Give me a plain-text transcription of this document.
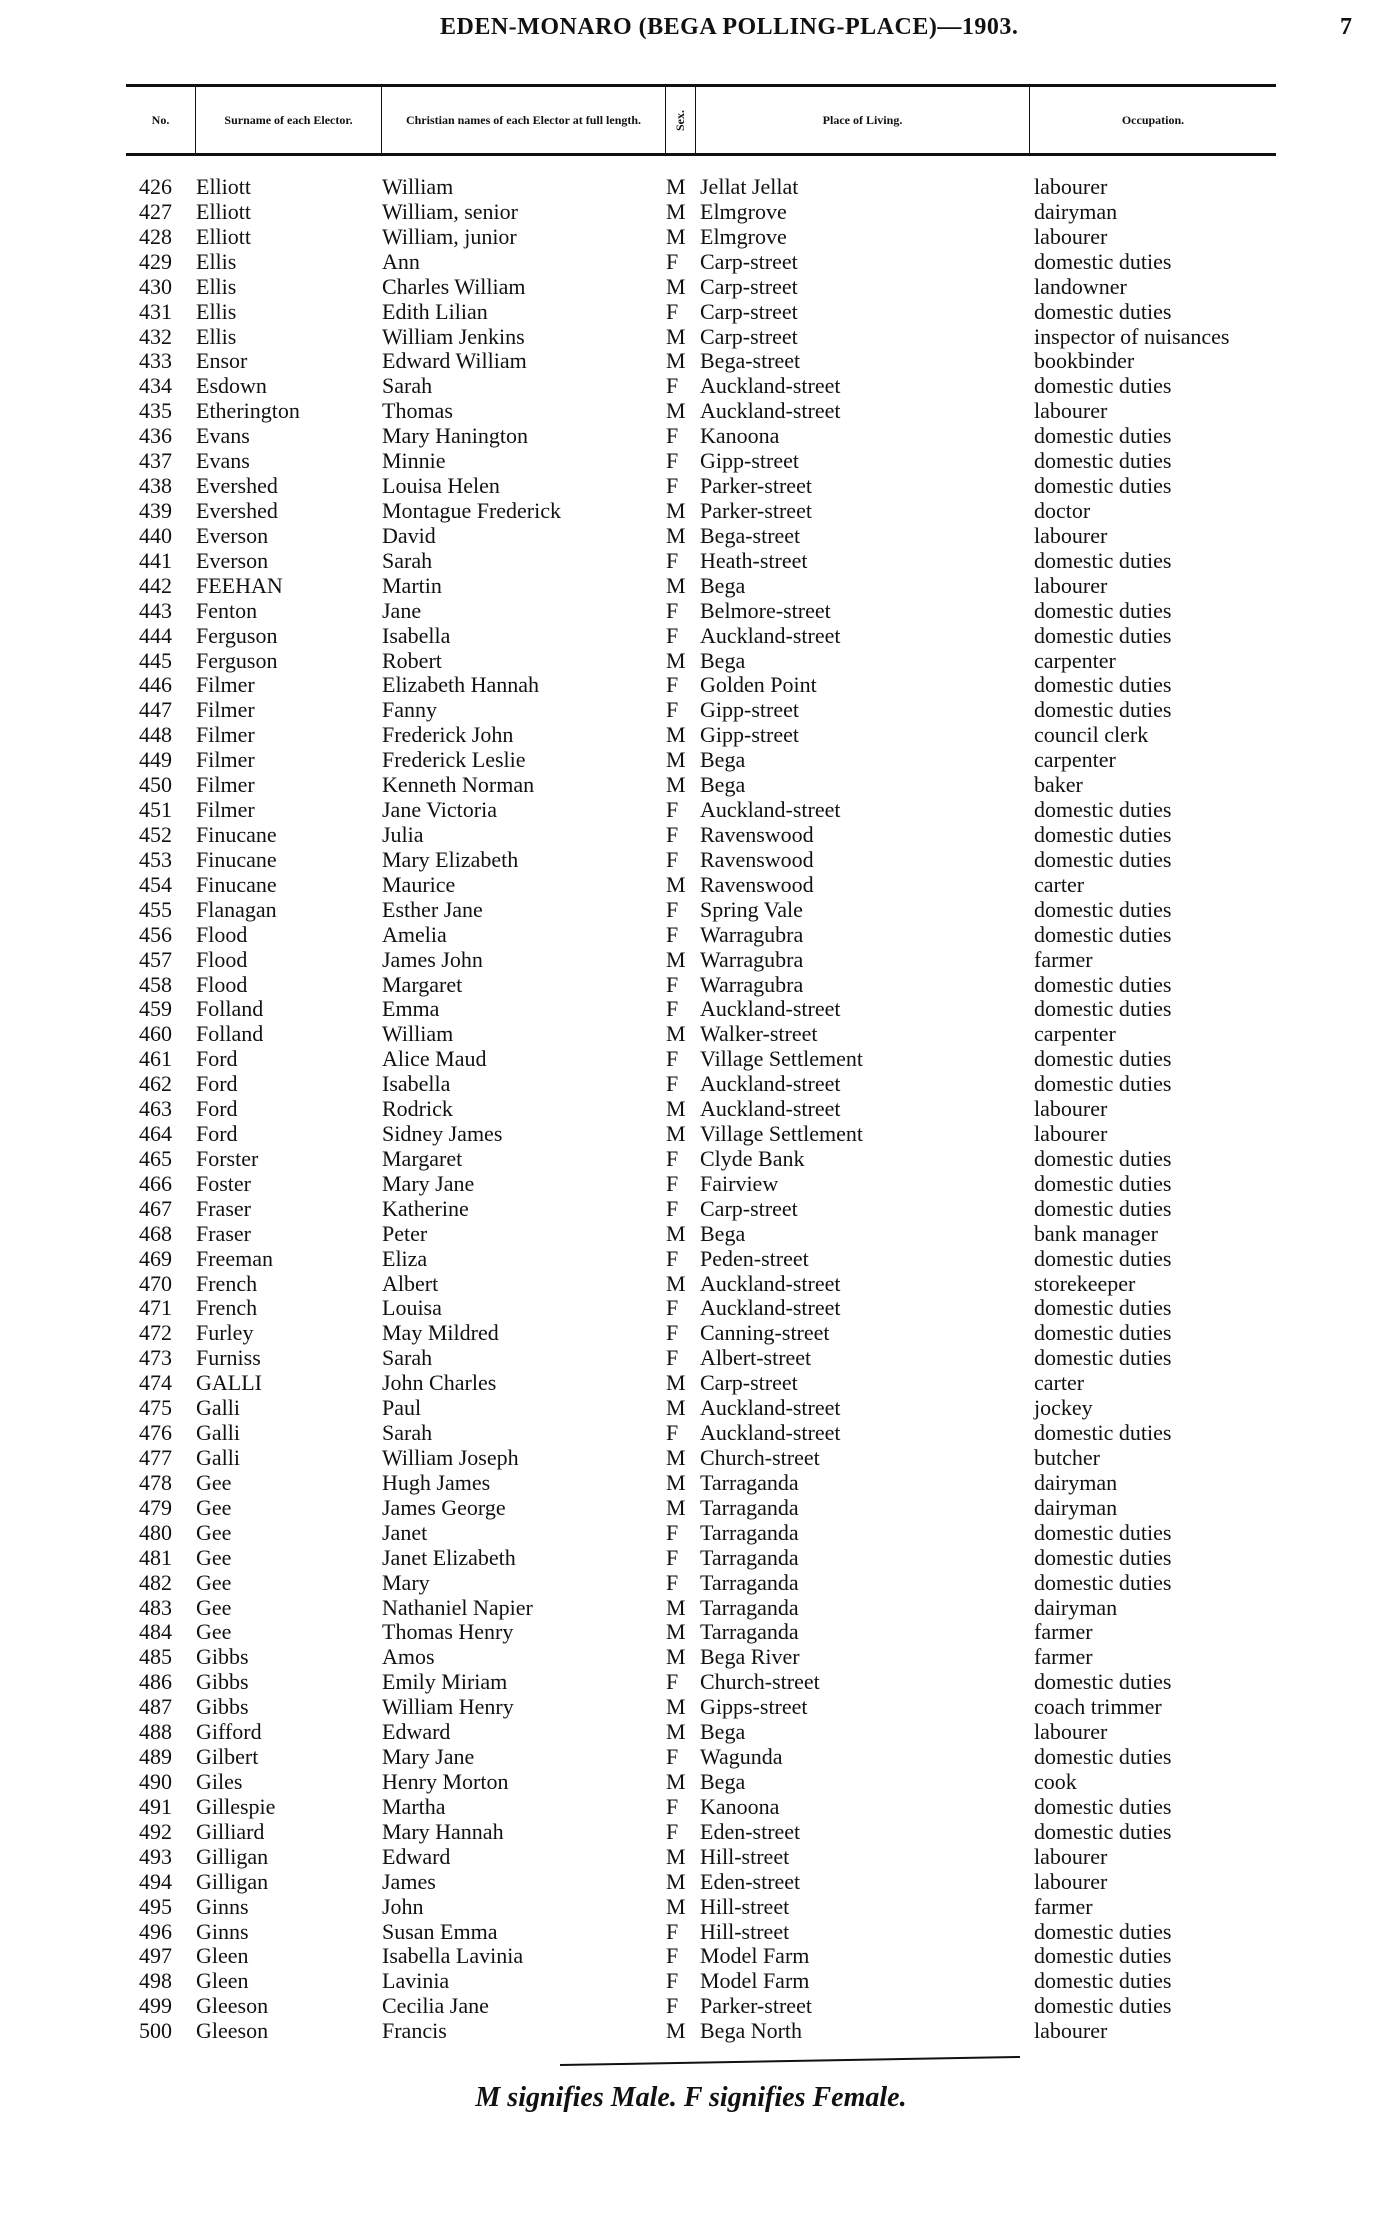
EDEN-MONARO (BEGA POLLING-PLACE)—1903.	7
No.	Surname of each Elector.	Christian names of each Elector at full length.	Sex.	Place of Living.	Occupation.
426 Elliott	William	M Jellat Jellat	labourer
427 Elliott	William, senior	M Elmgrove	dairyman
428 Elliott	William, junior	M Elmgrove	labourer
429 Ellis	Ann	F Carp-street	domestic duties
430 Ellis	Charles William	M Carp-street	landowner
431 Ellis	Edith Lilian	F Carp-street	domestic duties
432 Ellis	William Jenkins	M Carp-street	inspector of nuisances
433 Ensor	Edward William	M Bega-street	bookbinder
434 Esdown	Sarah	F Auckland-street	domestic duties
435 Etherington	Thomas	M Auckland-street	labourer
436 Evans	Mary Hanington	F Kanoona	domestic duties
437 Evans	Minnie	F Gipp-street	domestic duties
438 Evershed	Louisa Helen	F Parker-street	domestic duties
439 Evershed	Montague Frederick	M Parker-street	doctor
440 Everson	David	M Bega-street	labourer
441 Everson	Sarah	F Heath-street	domestic duties
442 FEEHAN	Martin	M Bega	labourer
443 Fenton	Jane	F Belmore-street	domestic duties
444 Ferguson	Isabella	F Auckland-street	domestic duties
445 Ferguson	Robert	M Bega	carpenter
446 Filmer	Elizabeth Hannah	F Golden Point	domestic duties
447 Filmer	Fanny	F Gipp-street	domestic duties
448 Filmer	Frederick John	M Gipp-street	council clerk
449 Filmer	Frederick Leslie	M Bega	carpenter
450 Filmer	Kenneth Norman	M Bega	baker
451 Filmer	Jane Victoria	F Auckland-street	domestic duties
452 Finucane	Julia	F Ravenswood	domestic duties
453 Finucane	Mary Elizabeth	F Ravenswood	domestic duties
454 Finucane	Maurice	M Ravenswood	carter
455 Flanagan	Esther Jane	F Spring Vale	domestic duties
456 Flood	Amelia	F Warragubra	domestic duties
457 Flood	James John	M Warragubra	farmer
458 Flood	Margaret	F Warragubra	domestic duties
459 Folland	Emma	F Auckland-street	domestic duties
460 Folland	William	M Walker-street	carpenter
461 Ford	Alice Maud	F Village Settlement	domestic duties
462 Ford	Isabella	F Auckland-street	domestic duties
463 Ford	Rodrick	M Auckland-street	labourer
464 Ford	Sidney James	M Village Settlement	labourer
465 Forster	Margaret	F Clyde Bank	domestic duties
466 Foster	Mary Jane	F Fairview	domestic duties
467 Fraser	Katherine	F Carp-street	domestic duties
468 Fraser	Peter	M Bega	bank manager
469 Freeman	Eliza	F Peden-street	domestic duties
470 French	Albert	M Auckland-street	storekeeper
471 French	Louisa	F Auckland-street	domestic duties
472 Furley	May Mildred	F Canning-street	domestic duties
473 Furniss	Sarah	F Albert-street	domestic duties
474 GALLI	John Charles	M Carp-street	carter
475 Galli	Paul	M Auckland-street	jockey
476 Galli	Sarah	F Auckland-street	domestic duties
477 Galli	William Joseph	M Church-street	butcher
478 Gee	Hugh James	M Tarraganda	dairyman
479 Gee	James George	M Tarraganda	dairyman
480 Gee	Janet	F Tarraganda	domestic duties
481 Gee	Janet Elizabeth	F Tarraganda	domestic duties
482 Gee	Mary	F Tarraganda	domestic duties
483 Gee	Nathaniel Napier	M Tarraganda	dairyman
484 Gee	Thomas Henry	M Tarraganda	farmer
485 Gibbs	Amos	M Bega River	farmer
486 Gibbs	Emily Miriam	F Church-street	domestic duties
487 Gibbs	William Henry	M Gipps-street	coach trimmer
488 Gifford	Edward	M Bega	labourer
489 Gilbert	Mary Jane	F Wagunda	domestic duties
490 Giles	Henry Morton	M Bega	cook
491 Gillespie	Martha	F Kanoona	domestic duties
492 Gilliard	Mary Hannah	F Eden-street	domestic duties
493 Gilligan	Edward	M Hill-street	labourer
494 Gilligan	James	M Eden-street	labourer
495 Ginns	John	M Hill-street	farmer
496 Ginns	Susan Emma	F Hill-street	domestic duties
497 Gleen	Isabella Lavinia	F Model Farm	domestic duties
498 Gleen	Lavinia	F Model Farm	domestic duties
499 Gleeson	Cecilia Jane	F Parker-street	domestic duties
500 Gleeson	Francis	M Bega North	labourer
M signifies Male. F signifies Female.
